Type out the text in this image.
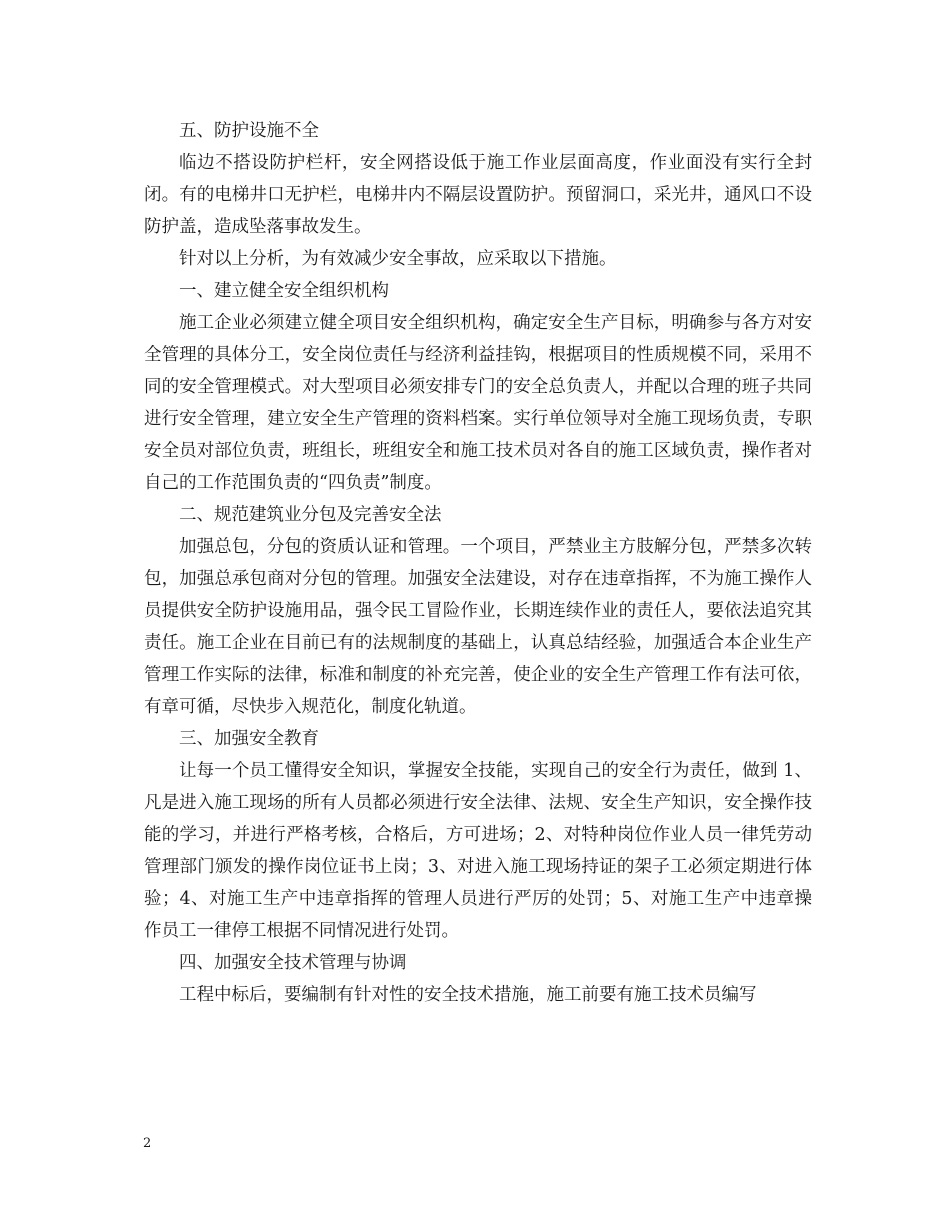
五、防护设施不全

临边不搭设防护栏杆，安全网搭设低于施工作业层面高度，作业面没有实行全封闭。有的电梯井口无护栏，电梯井内不隔层设置防护。预留洞口，采光井，通风口不设防护盖，造成坠落事故发生。

针对以上分析，为有效减少安全事故，应采取以下措施。

一、建立健全安全组织机构

施工企业必须建立健全项目安全组织机构，确定安全生产目标，明确参与各方对安全管理的具体分工，安全岗位责任与经济利益挂钩，根据项目的性质规模不同，采用不同的安全管理模式。对大型项目必须安排专门的安全总负责人，并配以合理的班子共同进行安全管理，建立安全生产管理的资料档案。实行单位领导对全施工现场负责，专职安全员对部位负责，班组长，班组安全和施工技术员对各自的施工区域负责，操作者对自己的工作范围负责的“四负责”制度。

二、规范建筑业分包及完善安全法

加强总包，分包的资质认证和管理。一个项目，严禁业主方肢解分包，严禁多次转包，加强总承包商对分包的管理。加强安全法建设，对存在违章指挥，不为施工操作人员提供安全防护设施用品，强令民工冒险作业，长期连续作业的责任人，要依法追究其责任。施工企业在目前已有的法规制度的基础上，认真总结经验，加强适合本企业生产管理工作实际的法律，标准和制度的补充完善，使企业的安全生产管理工作有法可依，有章可循，尽快步入规范化，制度化轨道。

三、加强安全教育

让每一个员工懂得安全知识，掌握安全技能，实现自己的安全行为责任，做到 1、凡是进入施工现场的所有人员都必须进行安全法律、法规、安全生产知识，安全操作技能的学习，并进行严格考核，合格后，方可进场；2、对特种岗位作业人员一律凭劳动管理部门颁发的操作岗位证书上岗；3、对进入施工现场持证的架子工必须定期进行体验；4、对施工生产中违章指挥的管理人员进行严厉的处罚；5、对施工生产中违章操作员工一律停工根据不同情况进行处罚。

四、加强安全技术管理与协调

工程中标后，要编制有针对性的安全技术措施，施工前要有施工技术员编写

2
